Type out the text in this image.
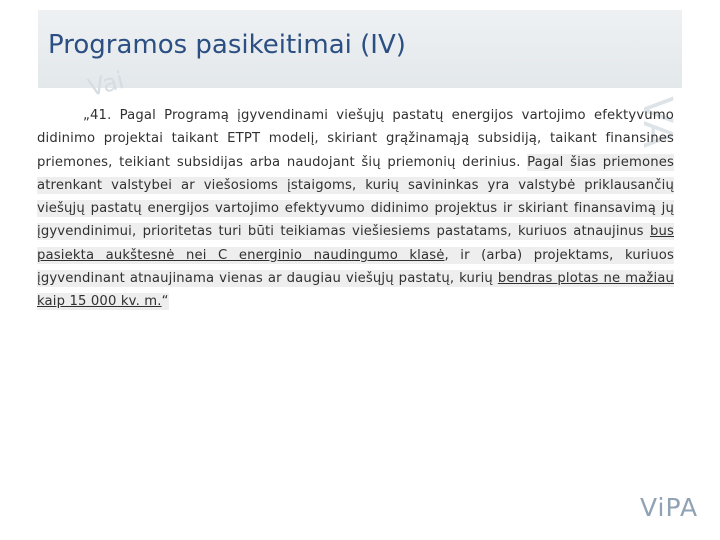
Vai
VA
Programos pasikeitimai (IV)

„41. Pagal Programą įgyvendinami viešųjų pastatų energijos vartojimo efektyvumo didinimo projektai taikant ETPT modelį, skiriant grąžinamąją subsidiją, taikant finansines priemones, teikiant subsidijas arba naudojant šių priemonių derinius. Pagal šias priemones atrenkant valstybei ar viešosioms įstaigoms, kurių savininkas yra valstybė priklausančių viešųjų pastatų energijos vartojimo efektyvumo didinimo projektus ir skiriant finansavimą jų įgyvendinimui, prioritetas turi būti teikiamas viešiesiems pastatams, kuriuos atnaujinus bus pasiekta aukštesnė nei C energinio naudingumo klasė, ir (arba) projektams, kuriuos įgyvendinant atnaujinama vienas ar daugiau viešųjų pastatų, kurių bendras plotas ne mažiau kaip 15 000 kv. m.“

ViPA
